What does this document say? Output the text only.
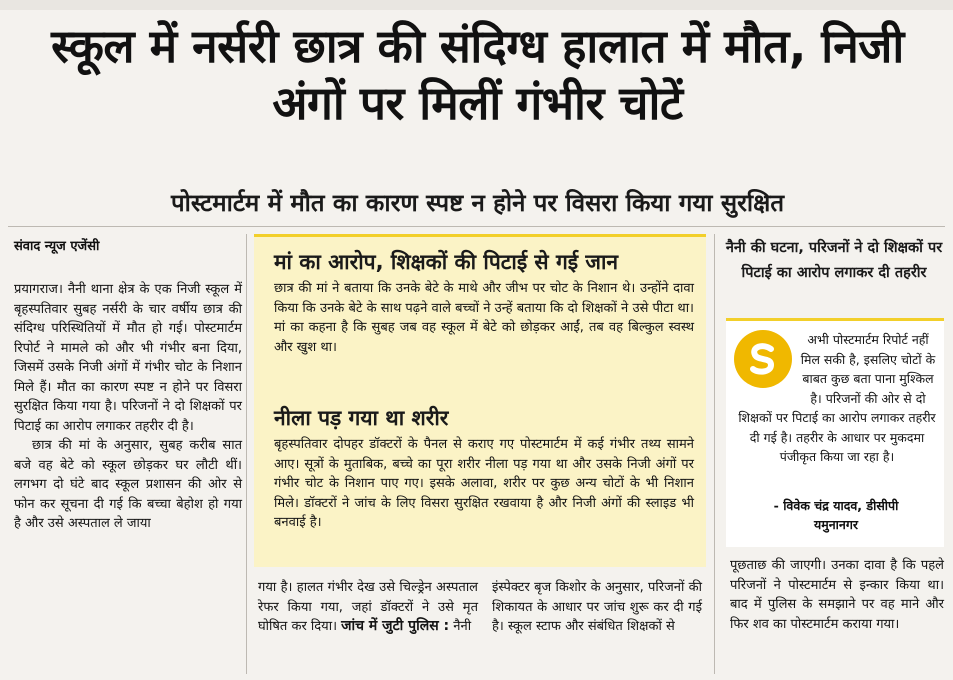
स्कूल में नर्सरी छात्र की संदिग्ध हालात में मौत, निजी अंगों पर मिलीं गंभीर चोटें
पोस्टमार्टम में मौत का कारण स्पष्ट न होने पर विसरा किया गया सुरक्षित
संवाद न्यूज एजेंसी

प्रयागराज। नैनी थाना क्षेत्र के एक निजी स्कूल में बृहस्पतिवार सुबह नर्सरी के चार वर्षीय छात्र की संदिग्ध परिस्थितियों में मौत हो गई। पोस्टमार्टम रिपोर्ट ने मामले को और भी गंभीर बना दिया, जिसमें उसके निजी अंगों में गंभीर चोट के निशान मिले हैं। मौत का कारण स्पष्ट न होने पर विसरा सुरक्षित किया गया है। परिजनों ने दो शिक्षकों पर पिटाई का आरोप लगाकर तहरीर दी है।

छात्र की मां के अनुसार, सुबह करीब सात बजे वह बेटे को स्कूल छोड़कर घर लौटी थीं। लगभग दो घंटे बाद स्कूल प्रशासन की ओर से फोन कर सूचना दी गई कि बच्चा बेहोश हो गया है और उसे अस्पताल ले जाया

मां का आरोप, शिक्षकों की पिटाई से गई जान
छात्र की मां ने बताया कि उनके बेटे के माथे और जीभ पर चोट के निशान थे। उन्होंने दावा किया कि उनके बेटे के साथ पढ़ने वाले बच्चों ने उन्हें बताया कि दो शिक्षकों ने उसे पीटा था। मां का कहना है कि सुबह जब वह स्कूल में बेटे को छोड़कर आईं, तब वह बिल्कुल स्वस्थ और खुश था।
नीला पड़ गया था शरीर
बृहस्पतिवार दोपहर डॉक्टरों के पैनल से कराए गए पोस्टमार्टम में कई गंभीर तथ्य सामने आए। सूत्रों के मुताबिक, बच्चे का पूरा शरीर नीला पड़ गया था और उसके निजी अंगों पर गंभीर चोट के निशान पाए गए। इसके अलावा, शरीर पर कुछ अन्य चोटों के भी निशान मिले। डॉक्टरों ने जांच के लिए विसरा सुरक्षित रखवाया है और निजी अंगों की स्लाइड भी बनवाई है।
गया है। हालत गंभीर देख उसे चिल्ड्रेन अस्पताल रेफर किया गया, जहां डॉक्टरों ने उसे मृत घोषित कर दिया। जांच में जुटी पुलिस : नैनी
इंस्पेक्टर बृज किशोर के अनुसार, परिजनों की शिकायत के आधार पर जांच शुरू कर दी गई है। स्कूल स्टाफ और संबंधित शिक्षकों से
नैनी की घटना, परिजनों ने दो शिक्षकों पर पिटाई का आरोप लगाकर दी तहरीर
अभी पोस्टमार्टम रिपोर्ट नहीं मिल सकी है, इसलिए चोटों के बाबत कुछ बता पाना मुश्किल है। परिजनों की ओर से दो शिक्षकों पर पिटाई का आरोप लगाकर तहरीर दी गई है। तहरीर के आधार पर मुकदमा पंजीकृत किया जा रहा है।
- विवेक चंद्र यादव, डीसीपी
यमुनानगर
पूछताछ की जाएगी। उनका दावा है कि पहले परिजनों ने पोस्टमार्टम से इन्कार किया था। बाद में पुलिस के समझाने पर वह माने और फिर शव का पोस्टमार्टम कराया गया।
